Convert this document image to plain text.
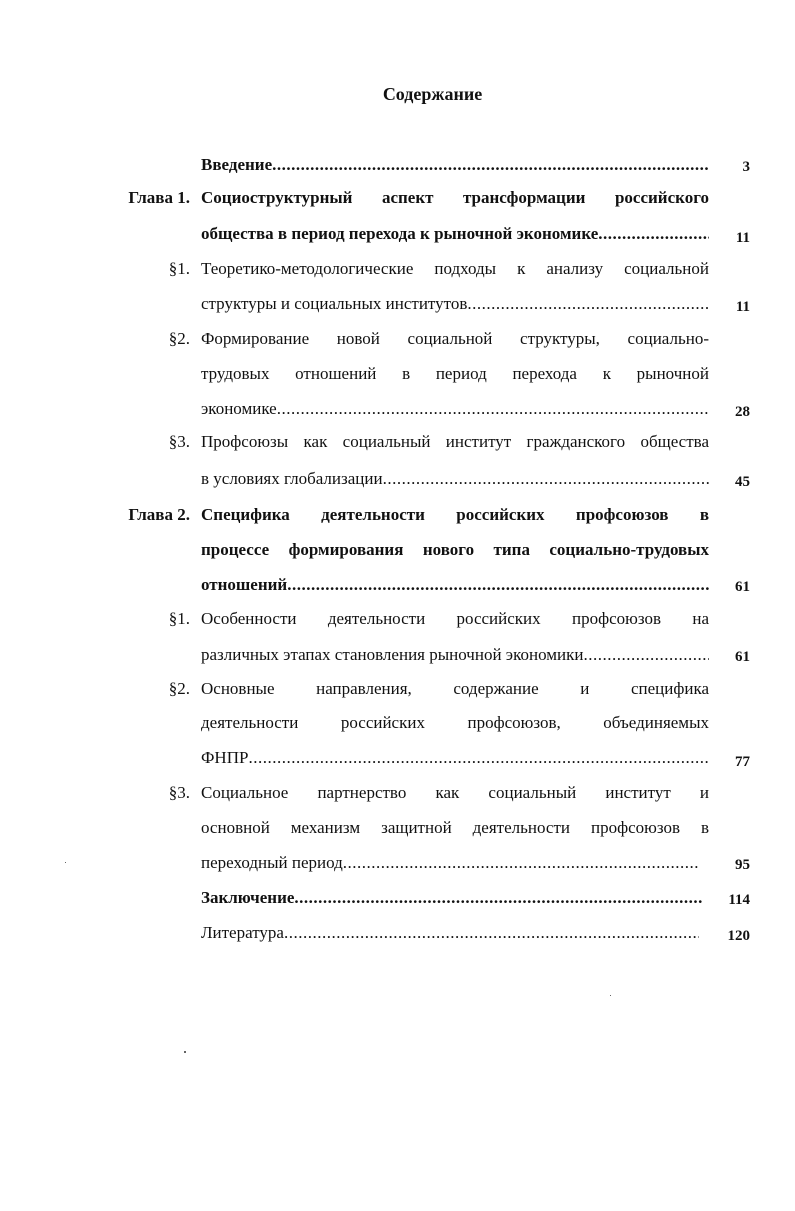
Содержание
Введение .....	3
Глава 1. Социоструктурный аспект трансформации российского
общества в период перехода к рыночной экономике .....	11
§1. Теоретико-методологические подходы к анализу социальной
структуры и социальных институтов .....	11
§2. Формирование новой социальной структуры, социально-
трудовых отношений в период перехода к рыночной
экономике .....	28
§3. Профсоюзы как социальный институт гражданского общества
в условиях глобализации .....	45
Глава 2. Специфика деятельности российских профсоюзов в
процессе формирования нового типа социально-трудовых
отношений .....	61
§1. Особенности деятельности российских профсоюзов на
различных этапах становления рыночной экономики .....	61
§2. Основные направления, содержание и специфика
деятельности российских профсоюзов, объединяемых
ФНПР .....	77
§3. Социальное партнерство как социальный институт и
основной механизм защитной деятельности профсоюзов в
переходный период .....	95
Заключение .....	114
Литература .....	120
